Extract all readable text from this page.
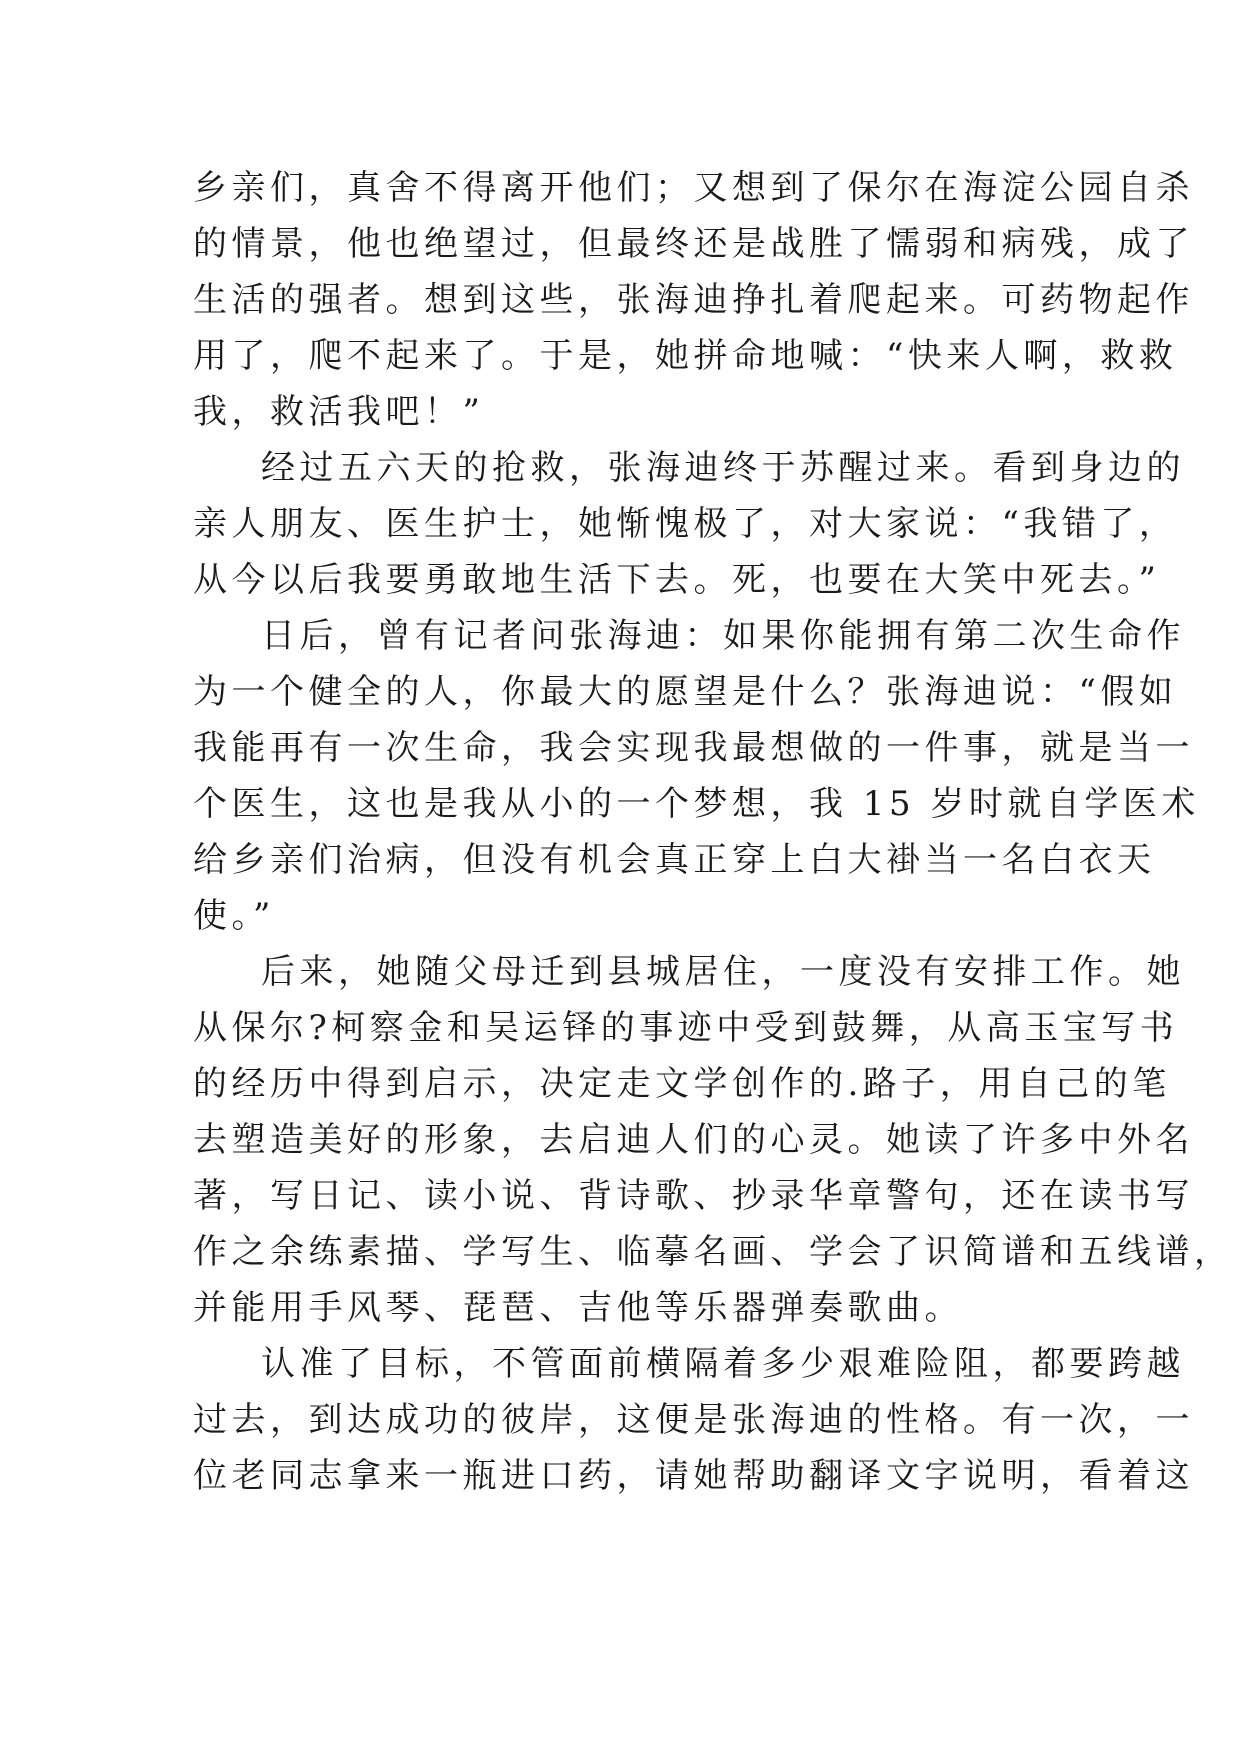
乡亲们，真舍不得离开他们；又想到了保尔在海淀公园自杀
的情景，他也绝望过，但最终还是战胜了懦弱和病残，成了
生活的强者。想到这些，张海迪挣扎着爬起来。可药物起作
用了，爬不起来了。于是，她拼命地喊：“快来人啊，救救
我，救活我吧！”
经过五六天的抢救，张海迪终于苏醒过来。看到身边的
亲人朋友、医生护士，她惭愧极了，对大家说：“我错了，
从今以后我要勇敢地生活下去。死，也要在大笑中死去。”
日后，曾有记者问张海迪：如果你能拥有第二次生命作
为一个健全的人，你最大的愿望是什么？张海迪说：“假如
我能再有一次生命，我会实现我最想做的一件事，就是当一
个医生，这也是我从小的一个梦想，我 15 岁时就自学医术
给乡亲们治病，但没有机会真正穿上白大褂当一名白衣天
使。”
后来，她随父母迁到县城居住，一度没有安排工作。她
从保尔?柯察金和吴运铎的事迹中受到鼓舞，从高玉宝写书
的经历中得到启示，决定走文学创作的.路子，用自己的笔
去塑造美好的形象，去启迪人们的心灵。她读了许多中外名
著，写日记、读小说、背诗歌、抄录华章警句，还在读书写
作之余练素描、学写生、临摹名画、学会了识简谱和五线谱，
并能用手风琴、琵琶、吉他等乐器弹奏歌曲。
认准了目标，不管面前横隔着多少艰难险阻，都要跨越
过去，到达成功的彼岸，这便是张海迪的性格。有一次，一
位老同志拿来一瓶进口药，请她帮助翻译文字说明，看着这
